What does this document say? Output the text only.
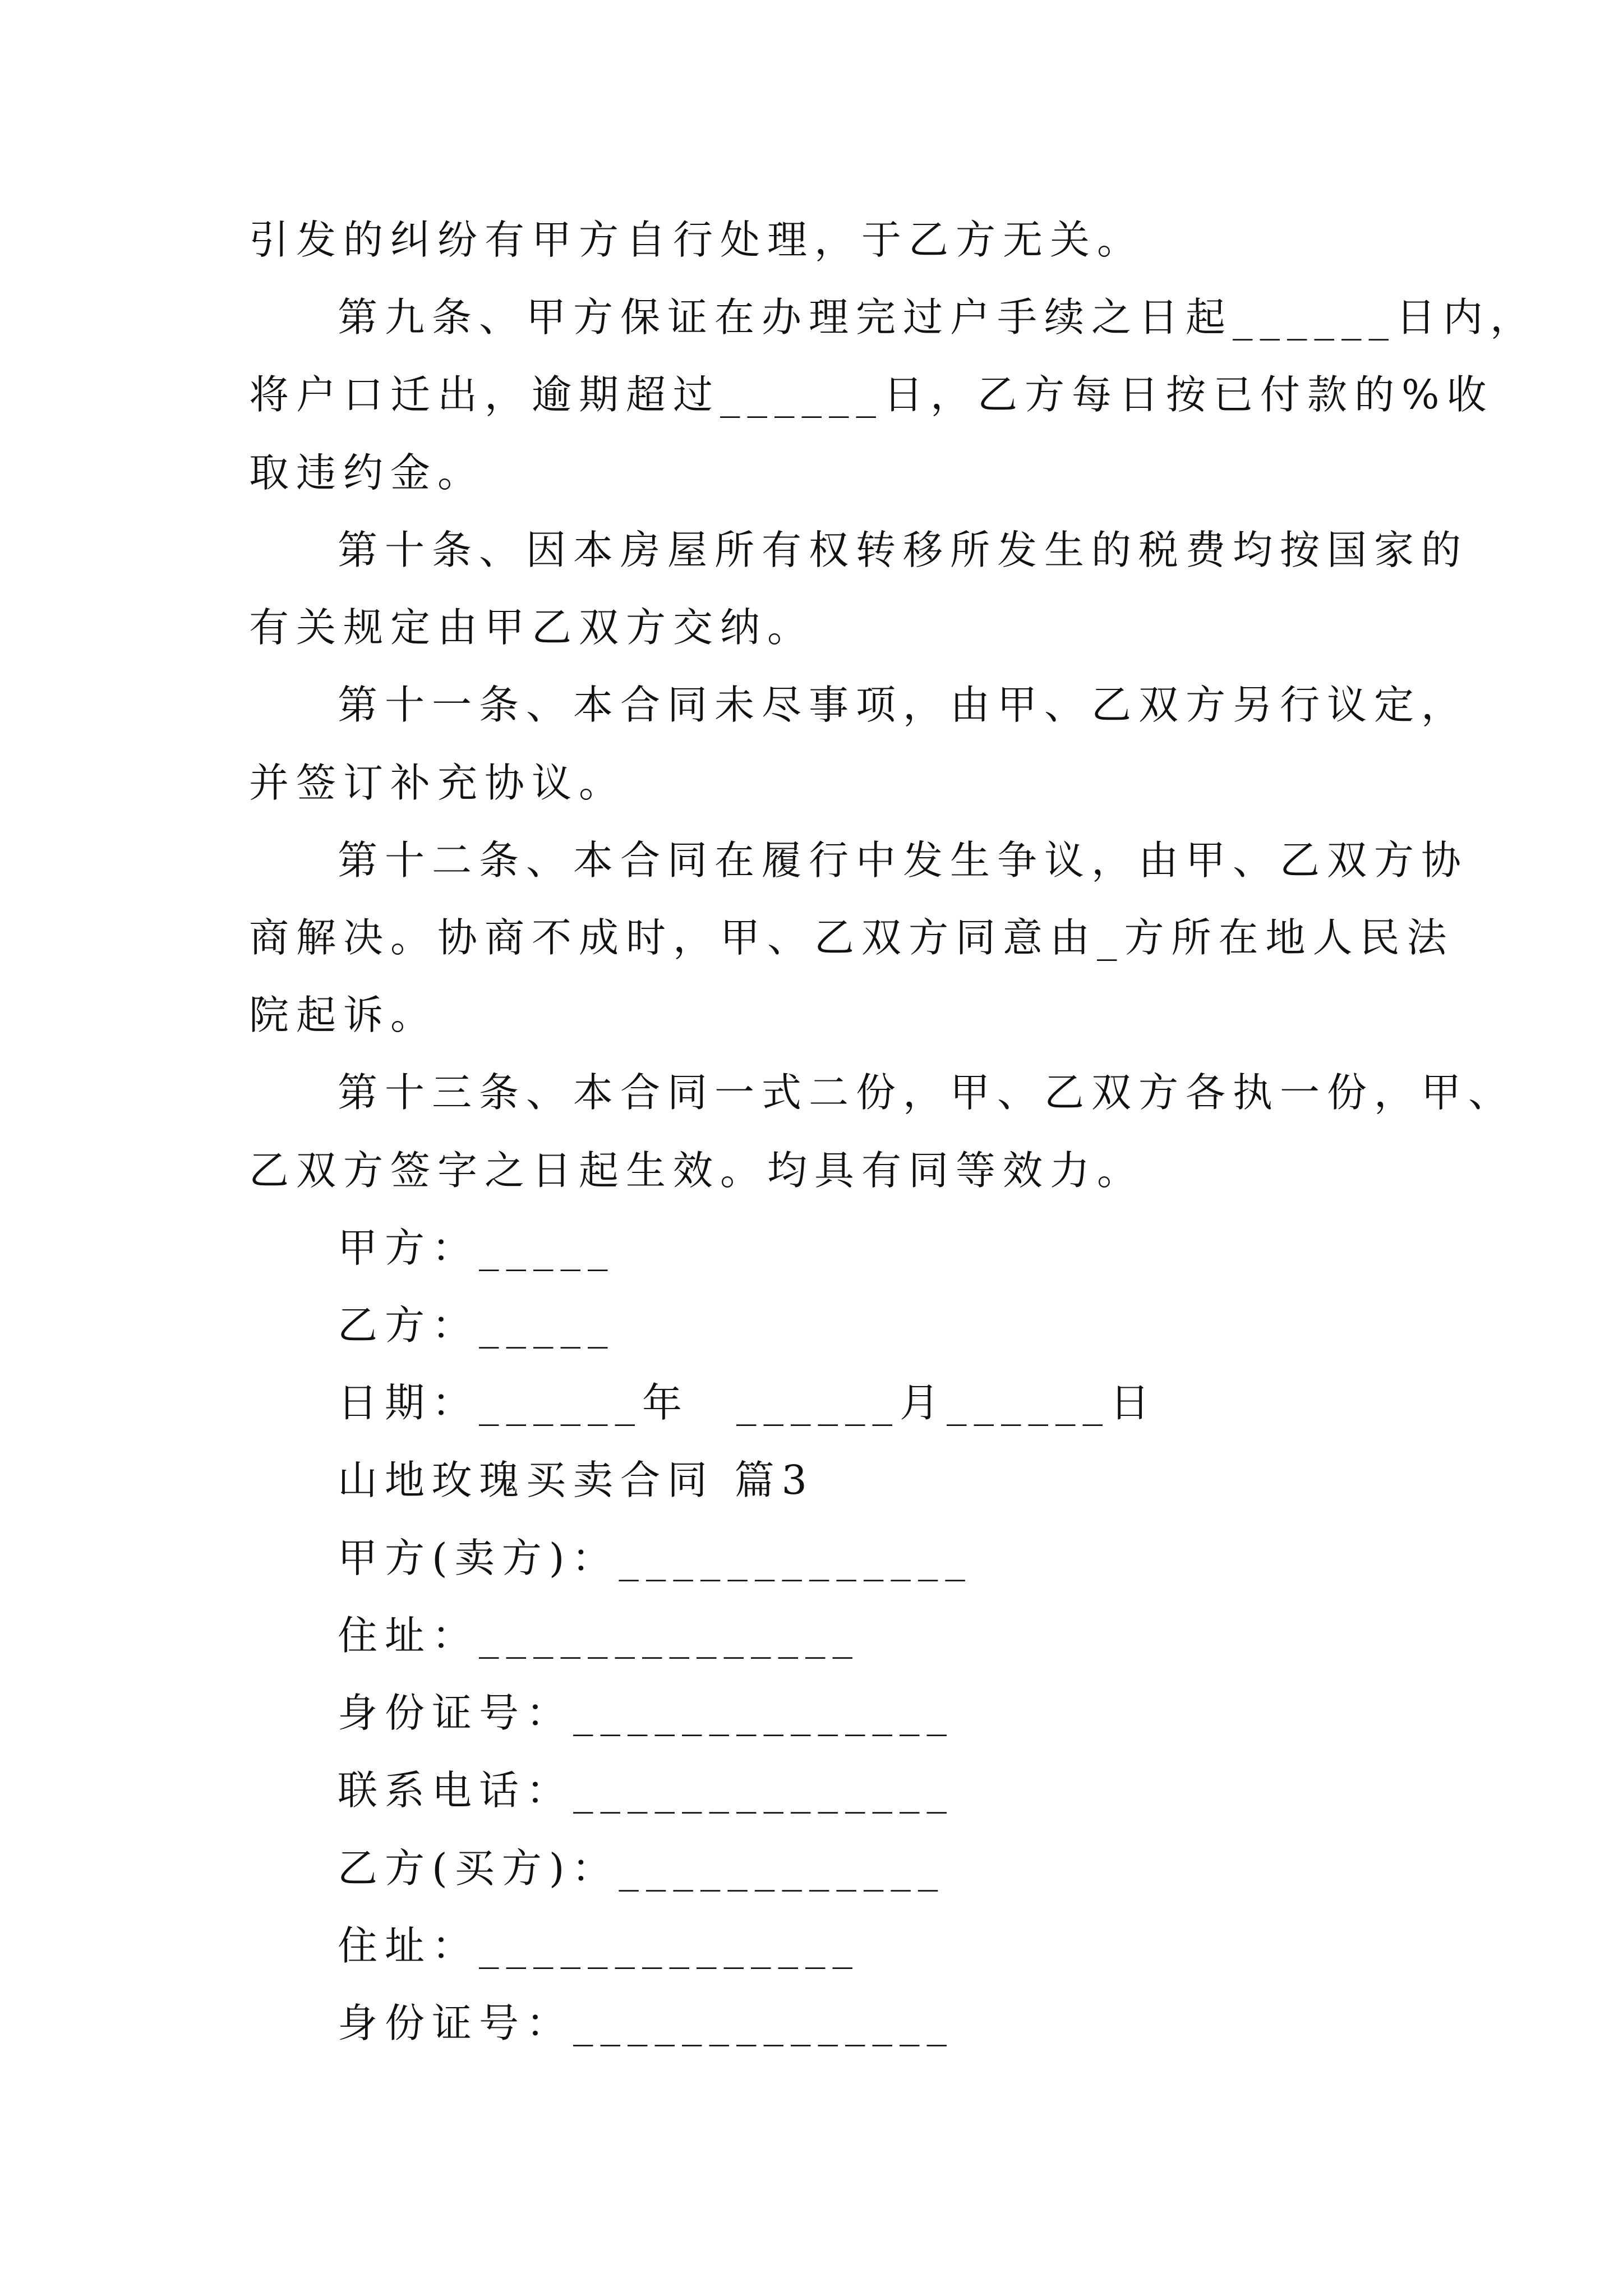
引发的纠纷有甲方自行处理，于乙方无关。
第九条、甲方保证在办理完过户手续之日起______日内，
将户口迁出，逾期超过______日，乙方每日按已付款的%收
取违约金。
第十条、因本房屋所有权转移所发生的税费均按国家的
有关规定由甲乙双方交纳。
第十一条、本合同未尽事项，由甲、乙双方另行议定，
并签订补充协议。
第十二条、本合同在履行中发生争议，由甲、乙双方协
商解决。协商不成时，甲、乙双方同意由_方所在地人民法
院起诉。
第十三条、本合同一式二份，甲、乙双方各执一份，甲、
乙双方签字之日起生效。均具有同等效力。
甲方：_____
乙方：_____
日期：______年　______月______日
山地玫瑰买卖合同 篇3
甲方(卖方)：_____________
住址：______________
身份证号：______________
联系电话：______________
乙方(买方)：____________
住址：______________
身份证号：______________
